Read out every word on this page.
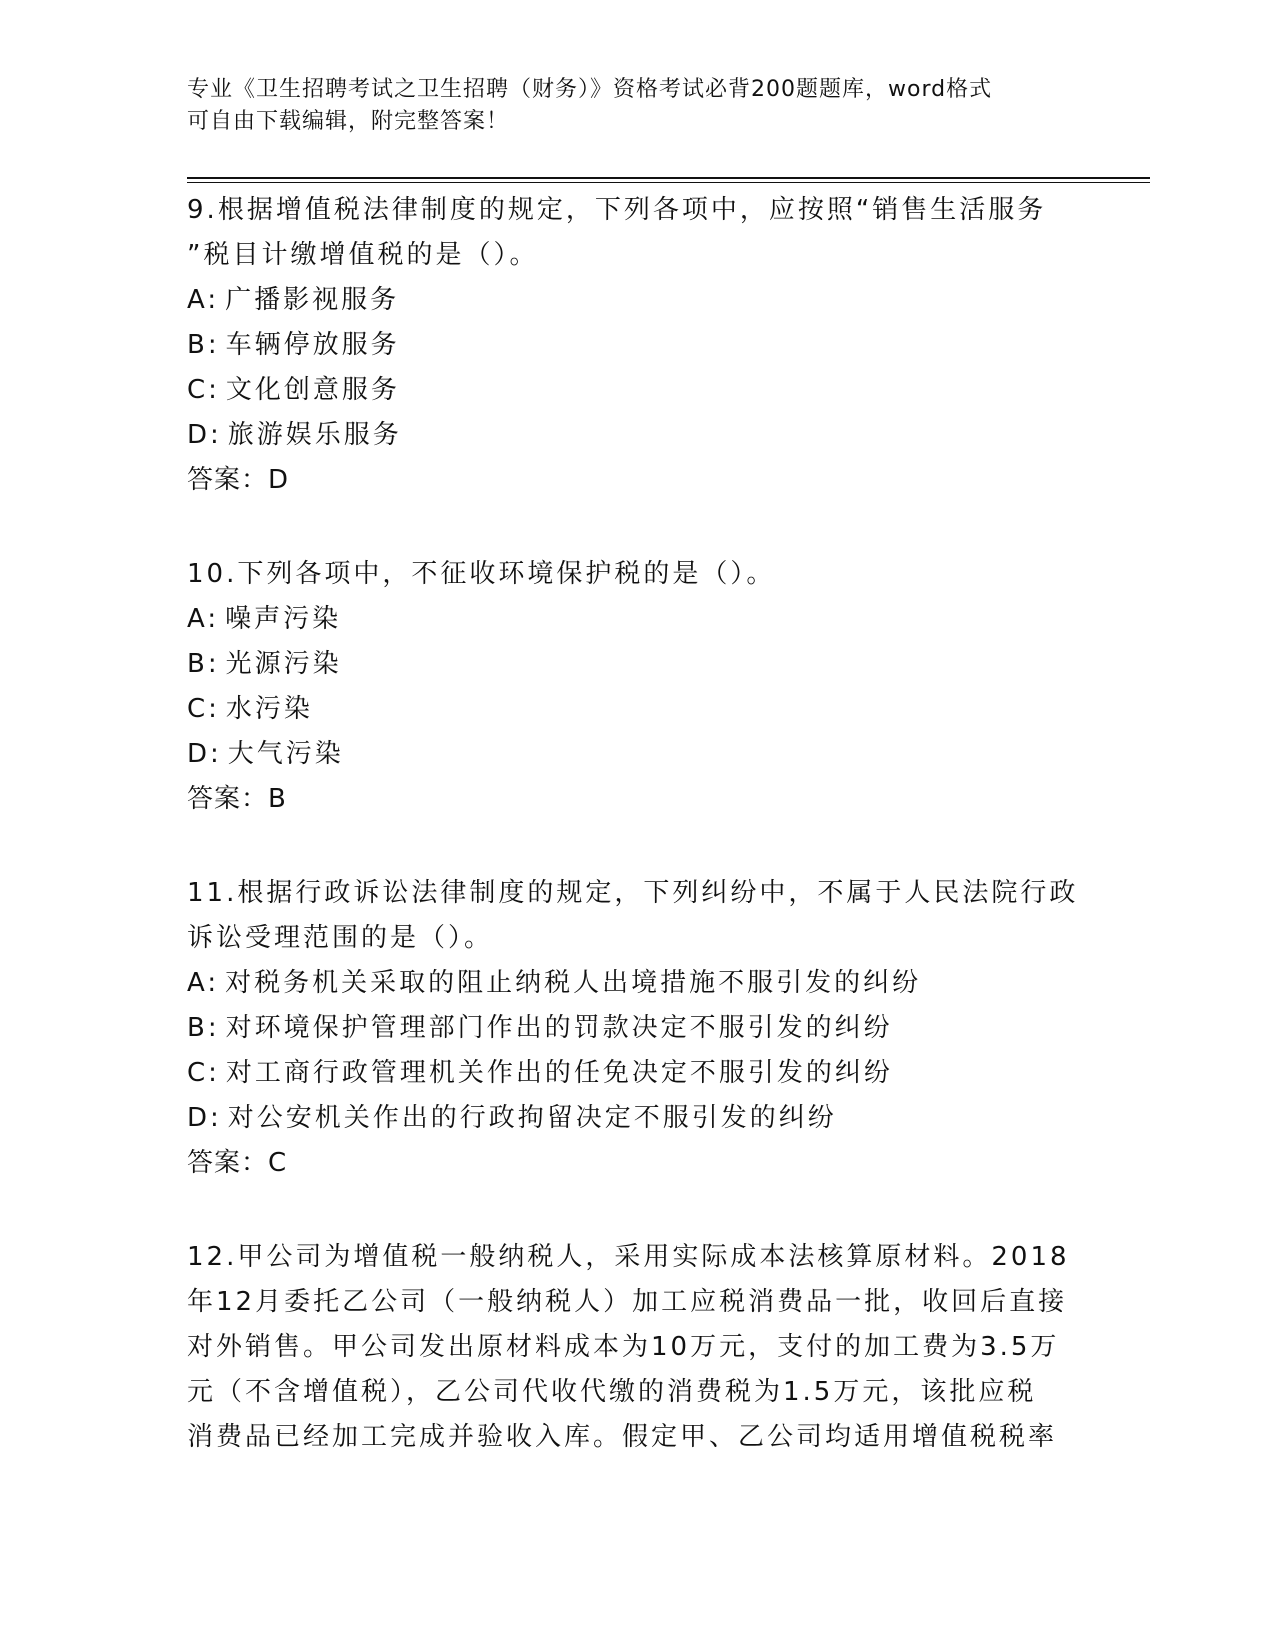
专业《卫生招聘考试之卫生招聘（财务）》资格考试必背200题题库，word格式
可自由下载编辑，附完整答案！
9.根据增值税法律制度的规定，下列各项中，应按照“销售生活服务
”税目计缴增值税的是（）。
A: 广播影视服务
B: 车辆停放服务
C: 文化创意服务
D: 旅游娱乐服务
答案：D
10.下列各项中，不征收环境保护税的是（）。
A: 噪声污染
B: 光源污染
C: 水污染
D: 大气污染
答案：B
11.根据行政诉讼法律制度的规定，下列纠纷中，不属于人民法院行政
诉讼受理范围的是（）。
A: 对税务机关采取的阻止纳税人出境措施不服引发的纠纷
B: 对环境保护管理部门作出的罚款决定不服引发的纠纷
C: 对工商行政管理机关作出的任免决定不服引发的纠纷
D: 对公安机关作出的行政拘留决定不服引发的纠纷
答案：C
12.甲公司为增值税一般纳税人，采用实际成本法核算原材料。2018
年12月委托乙公司（一般纳税人）加工应税消费品一批，收回后直接
对外销售。甲公司发出原材料成本为10万元，支付的加工费为3.5万
元（不含增值税），乙公司代收代缴的消费税为1.5万元，该批应税
消费品已经加工完成并验收入库。假定甲、乙公司均适用增值税税率
